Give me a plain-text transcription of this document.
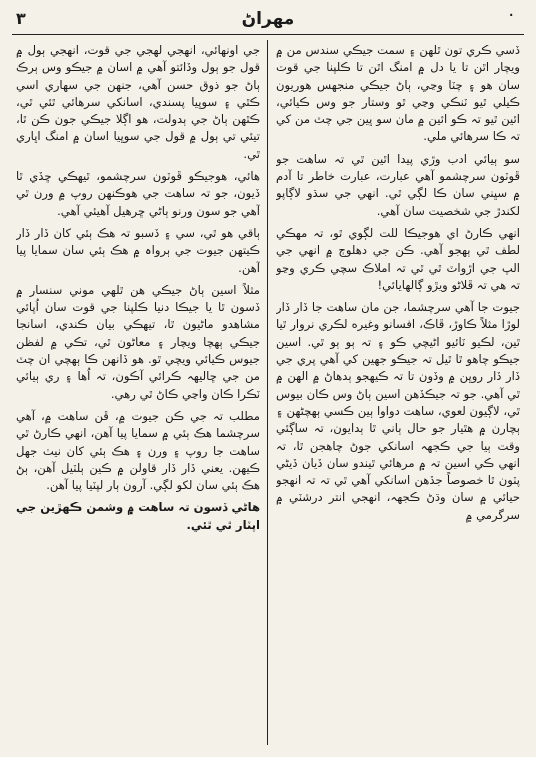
٣	مهراڻ	٠

ڏسي ڪري تون ٿلهن ۽ سمت جيڪي سندس من ۾ ويچار اٿن تا يا دل ۾ امنگ اٿن تا ڪلپنا جي قوت سان هو ۽ چٽا وڃي، ٻاڻ جيڪي منجهس هوريون ڪيلي ٿيو ٽنڪي وڃي ٿو وستار جو وس ڪيائي، ائين ٿيو تہ ڪو ائين ۾ مان سو ڀين جي چٽ من کي تہ ڪا سرهائي ملي.

سو ٻيائي ادب وڙي پيدا اٿين ٿي تہ ساهت جو ڦوٽون سرچشمو آهي عبارت، عبارت خاطر تا آدم ۾ سڀني سان ڪا لڳي ٿي. انهي جي سڌو لاڳاپو لکندڙ جي شخصيت سان آهي.

انهي ڪارڻ اي هوجيڪا للت لڳوي ٿو، تہ مهڪي لطف ٿي ٻهجو آهي. ڪن جي دهلوڄ ۾ انهي جي الپ جي اڙواٽ ٿي ٿي تہ املاڪ سچي ڪري وڃو تہ هي تہ ڦلاڻو ويڙو ڳالهايائي!

جيوت جا آهي سرچشما، جن مان ساهت جا ڏار ڏار لوڙا مثلاً ڪاوڙ، ڦاڪ، افسانو وغيره لڪري نروار ٿيا ٿين، لڪيو ٽائيو اڻيچي ڪو ۽ تہ ٻو ٻو ٿي. اسين جيڪو چاهو ٿا ٿيل تہ جيڪو جهين کي آهي پري جي ڏار ڏار روڀن ۾ وڏون تا تہ ڪيهجو ٻدهاڻ ۾ الهن ۾ ٿي آهي. جو تہ جيڪڏهن اسين ٻاڻ وس ڪان بيوس ٿي، لاڳيون لعوي، ساهت دواوا ٻين ڪسي ٻهچڻهن ۽ ٻچارن ۾ هٿيار جو حال ٻاني ٿا ٻدايون، تہ ساڳئي وقت ٻيا جي ڪجهہ اسانکي جوڻ چاهجن ٿا، تہ انهي ڪي اسين تہ ۾ مرهائي ٿيندو سان ڏيان ڏيڻي پٽون ٿا خصوصاً جڏهن اسانکي آهي ٿي تہ تہ انهجو حيائي ۾ سان وڌڻ ڪجهہ، انهجي انتر درشٽي ۾ سرگرمي ۾

جي اونهائي، انهجي لهجي جي قوت، انهجي ٻول ۾ قول جو ٻول وڏائتو آهي ۾ اسان ۾ جيڪو وس ٻرڪ ٻاڻ جو ذوق حسن آهي، جنهن جي سهاري اسي ڪٿي ۽ سوڀيا پسندي، اسانکي سرهائي ٿئي ٿي، ڪٿهن ٻاڻ جي ٻدولت، هو اڳلا جيڪي جون ڪن ٿا، تيئي تي ٻول ۾ قول جي سوڀيا اسان ۾ امنگ اڀاري ٿي.

هائي، هوجيڪو ڦوٽون سرچشمو، ٿيهڪي ڇڏي ٿا ڏيون، جو تہ ساهت جي هوڪنهن روپ ۾ ورن ٿي آهي جو سون ورنو ٻاڻي ڇرهيل آهيئي آهي.

ٻاقي هو ٿي، سي ۽ ڏسبو تہ هڪ ٻئي کان ڏار ڏار ڪيتهن جيوت جي ٻرواہ ۾ هڪ ٻئي سان سمايا پيا آهن.

مثلاً اسين ٻاڻ جيڪي هن ٿلهي موني سنسار ۾ ڏسون ٿا يا جيڪا دنيا ڪلپنا جي قوت سان اُپائي مشاهدو ماڻيون ٿا، تيهڪي بيان ڪندي، اسانجا جيڪي ٻهچا ويچار ۽ معاڻون ٿي، تڪي ۾ لفظن جيوس ڪيائي ويچي ٿو. هو ڏانهن ڪا ٻهچي ان چٽ من جي ڇاليهہ ڪرائي آڪون، تہ اُها ۽ ري ٻيائي ٽڪرا ڪان واڃي ڪاڻ ٿي رهي.

مطلب تہ جي ڪن جيوت ۾، ڦن ساهت ۾، آهي سرچشما هڪ ٻئي ۾ سمايا پيا آهن، انهي ڪارڻ ٿي ساهت جا روپ ۽ ورن ۽ هڪ ٻئي کان نيٺ جهل ڪيهن. يعني ڏار ڏار قاولن ۾ ڪين ٻلٽيل آهن، ٻڻ هڪ ٻئي سان لکو لڳي. آرون ٻار لپٽيا پيا آهن.

هاڻي ڏسون تہ ساهت ۾ وشمن ڪهڙين جي اپٽار ٿي ٿئي.
